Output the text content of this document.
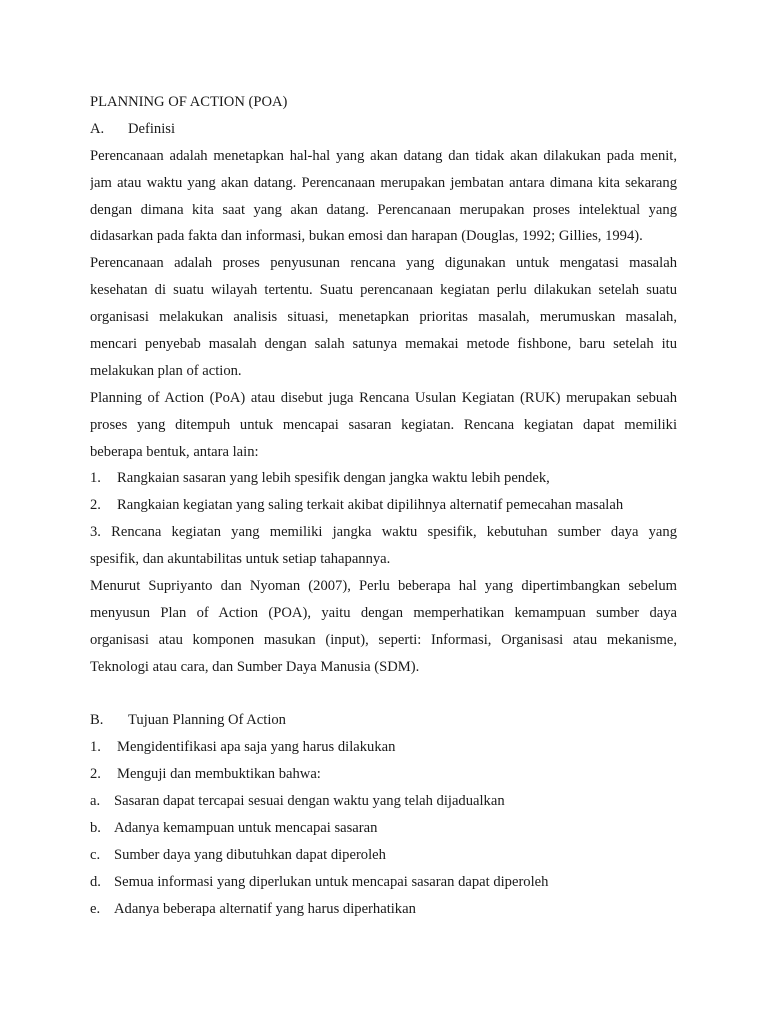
PLANNING OF ACTION (POA)
A. Definisi
Perencanaan adalah menetapkan hal-hal yang akan datang dan tidak akan dilakukan pada menit,
jam atau waktu yang akan datang. Perencanaan merupakan jembatan antara dimana kita sekarang
dengan dimana kita saat yang akan datang. Perencanaan merupakan proses intelektual yang
didasarkan pada fakta dan informasi, bukan emosi dan harapan (Douglas, 1992; Gillies, 1994).
Perencanaan adalah proses penyusunan rencana yang digunakan untuk mengatasi masalah
kesehatan di suatu wilayah tertentu. Suatu perencanaan kegiatan perlu dilakukan setelah suatu
organisasi melakukan analisis situasi, menetapkan prioritas masalah, merumuskan masalah,
mencari penyebab masalah dengan salah satunya memakai metode fishbone, baru setelah itu
melakukan plan of action.
Planning of Action (PoA) atau disebut juga Rencana Usulan Kegiatan (RUK) merupakan sebuah
proses yang ditempuh untuk mencapai sasaran kegiatan. Rencana kegiatan dapat memiliki
beberapa bentuk, antara lain:
1. Rangkaian sasaran yang lebih spesifik dengan jangka waktu lebih pendek,
2. Rangkaian kegiatan yang saling terkait akibat dipilihnya alternatif pemecahan masalah
3. Rencana kegiatan yang memiliki jangka waktu spesifik, kebutuhan sumber daya yang
spesifik, dan akuntabilitas untuk setiap tahapannya.
Menurut Supriyanto dan Nyoman (2007), Perlu beberapa hal yang dipertimbangkan sebelum
menyusun Plan of Action (POA), yaitu dengan memperhatikan kemampuan sumber daya
organisasi atau komponen masukan (input), seperti: Informasi, Organisasi atau mekanisme,
Teknologi atau cara, dan Sumber Daya Manusia (SDM).
B. Tujuan Planning Of Action
1. Mengidentifikasi apa saja yang harus dilakukan
2. Menguji dan membuktikan bahwa:
a. Sasaran dapat tercapai sesuai dengan waktu yang telah dijadualkan
b. Adanya kemampuan untuk mencapai sasaran
c. Sumber daya yang dibutuhkan dapat diperoleh
d. Semua informasi yang diperlukan untuk mencapai sasaran dapat diperoleh
e. Adanya beberapa alternatif yang harus diperhatikan
